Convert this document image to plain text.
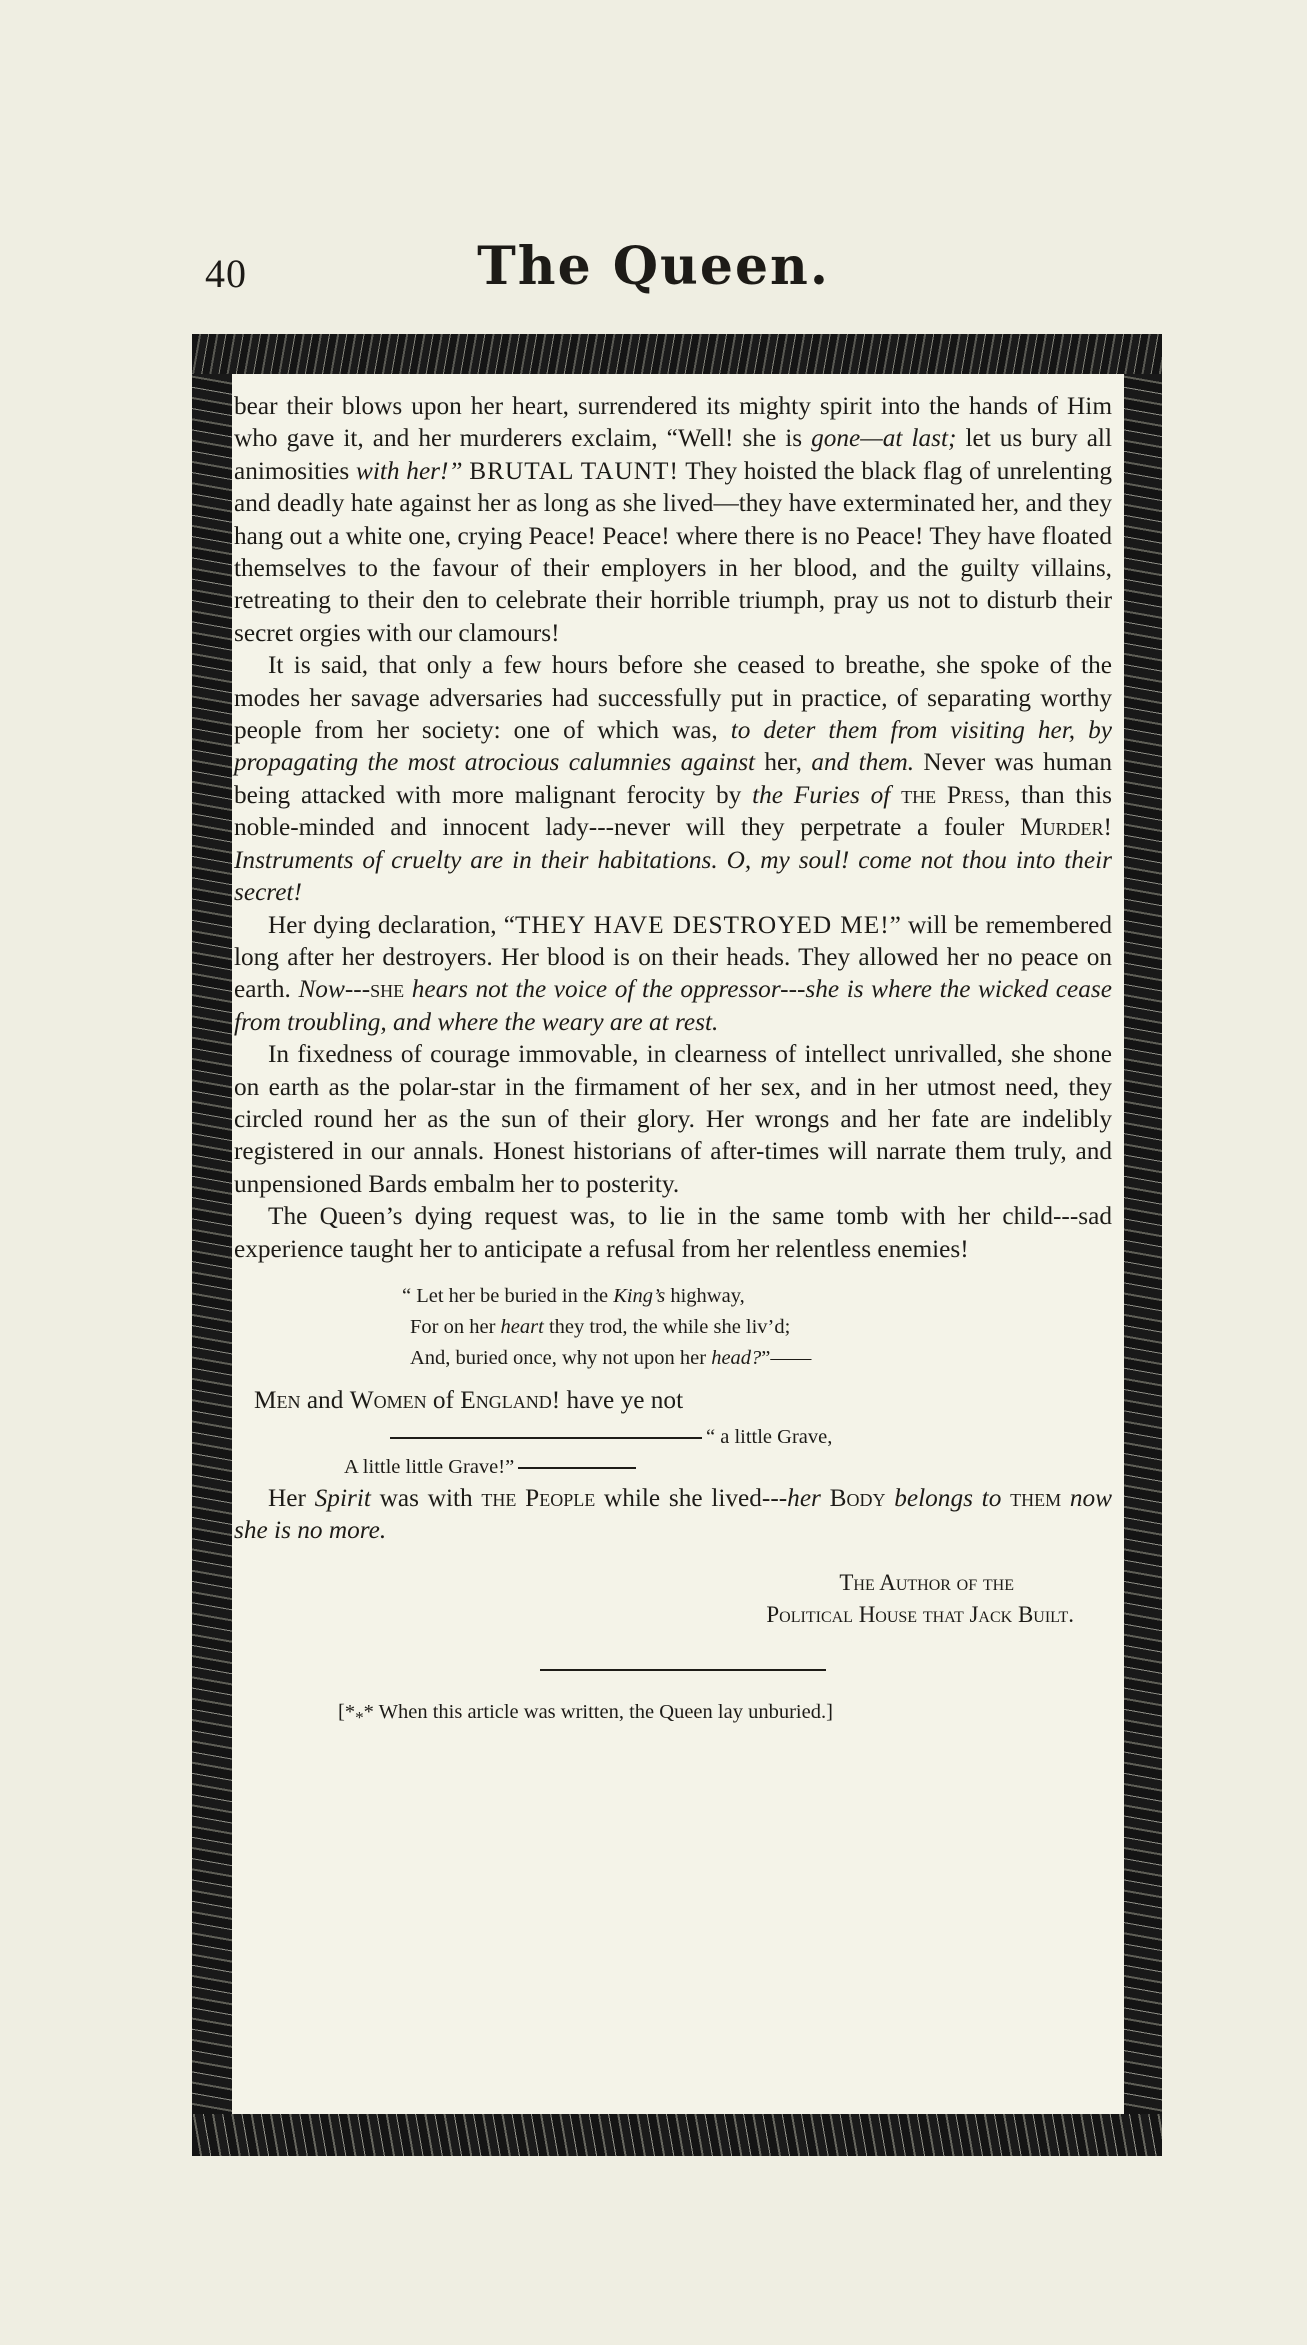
40	The Queen.

bear their blows upon her heart, surrendered its mighty spirit into the hands of Him who gave it, and her murderers exclaim, “Well! she is gone—at last; let us bury all animosities with her!” BRUTAL TAUNT! They hoisted the black flag of unrelenting and deadly hate against her as long as she lived—they have exterminated her, and they hang out a white one, crying Peace! Peace! where there is no Peace! They have floated themselves to the favour of their employers in her blood, and the guilty villains, retreating to their den to celebrate their horrible triumph, pray us not to disturb their secret orgies with our clamours!

It is said, that only a few hours before she ceased to breathe, she spoke of the modes her savage adversaries had successfully put in practice, of separating worthy people from her society: one of which was, to deter them from visiting her, by propagating the most atrocious calumnies against her, and them. Never was human being attacked with more malignant ferocity by the Furies of the Press, than this noble-minded and innocent lady---never will they perpetrate a fouler Murder! Instruments of cruelty are in their habitations. O, my soul! come not thou into their secret!

Her dying declaration, “THEY HAVE DESTROYED ME!” will be remembered long after her destroyers. Her blood is on their heads. They allowed her no peace on earth. Now---she hears not the voice of the oppressor---she is where the wicked cease from troubling, and where the weary are at rest.

In fixedness of courage immovable, in clearness of intellect unrivalled, she shone on earth as the polar-star in the firmament of her sex, and in her utmost need, they circled round her as the sun of their glory. Her wrongs and her fate are indelibly registered in our annals. Honest historians of after-times will narrate them truly, and unpensioned Bards embalm her to posterity.

The Queen’s dying request was, to lie in the same tomb with her child---sad experience taught her to anticipate a refusal from her relentless enemies!

“ Let her be buried in the King’s highway,
For on her heart they trod, the while she liv’d;
And, buried once, why not upon her head?”——
Men and Women of England! have ye not
“ a little Grave,
A little little Grave!”

Her Spirit was with the People while she lived---her Body belongs to them now she is no more.

The Author of the
Political House that Jack Built.
[$*_**$ When this article was written, the Queen lay unburied.]
